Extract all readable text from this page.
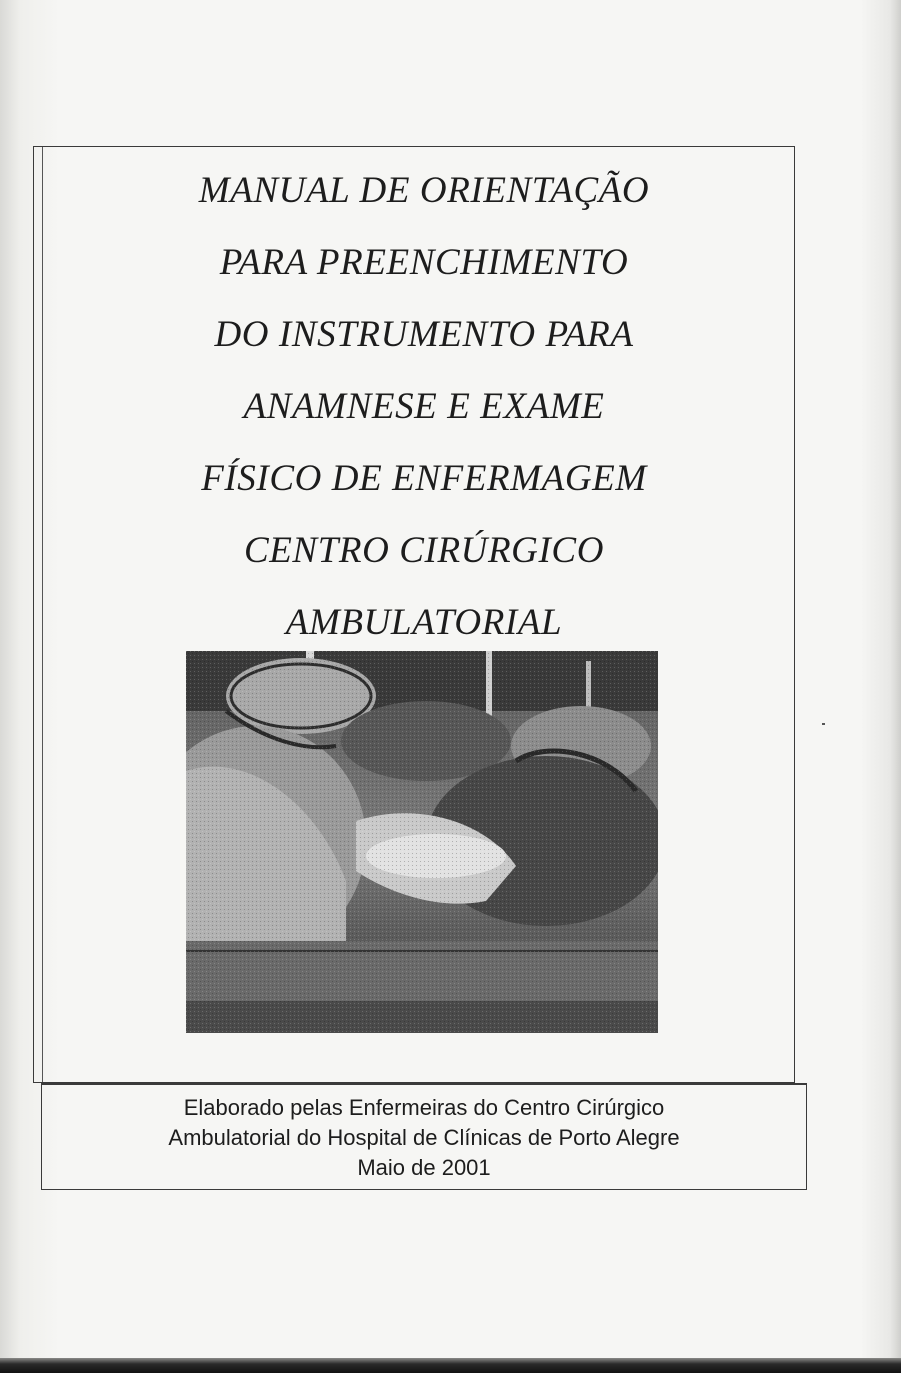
MANUAL DE ORIENTAÇÃO
PARA PREENCHIMENTO
DO INSTRUMENTO PARA
ANAMNESE E EXAME
FÍSICO DE ENFERMAGEM
CENTRO CIRÚRGICO
AMBULATORIAL
Elaborado pelas Enfermeiras do Centro Cirúrgico
Ambulatorial do Hospital de Clínicas de Porto Alegre
Maio de 2001
